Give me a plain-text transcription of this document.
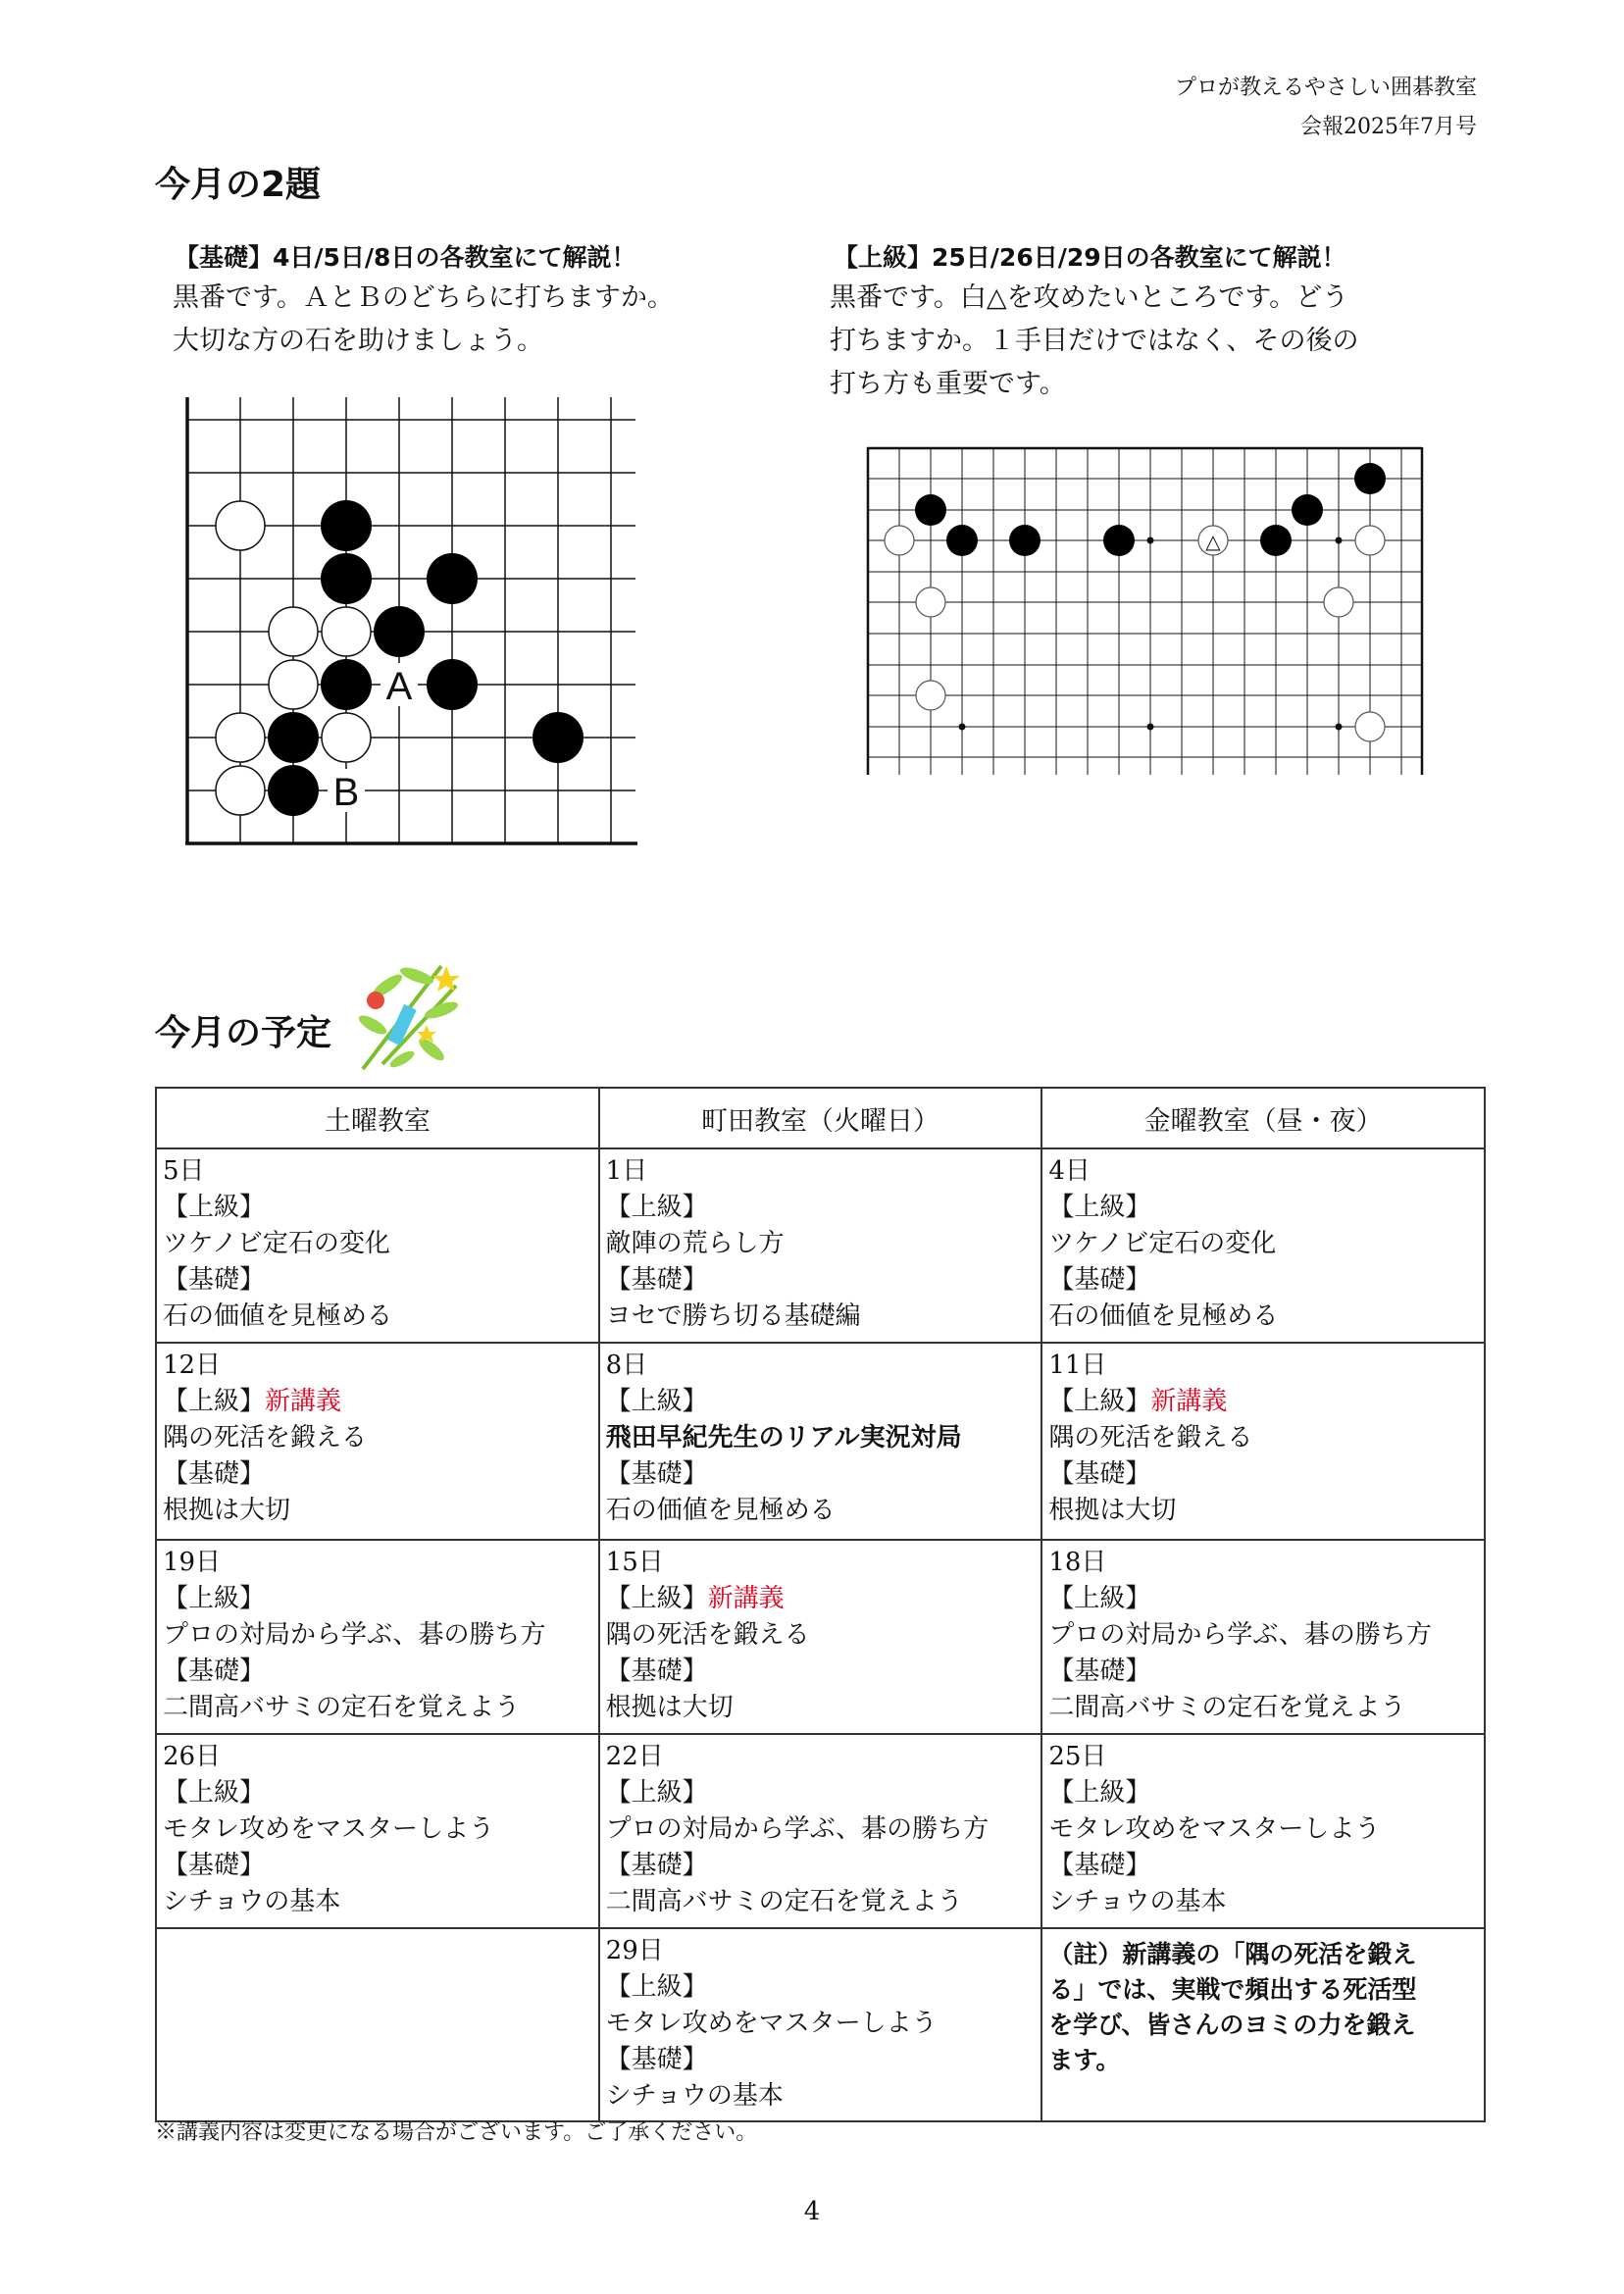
プロが教えるやさしい囲碁教室
会報2025年7月号
今月の2題
【基礎】4日/5日/8日の各教室にて解説！
黒番です。ＡとＢのどちらに打ちますか。
大切な方の石を助けましょう。
【上級】25日/26日/29日の各教室にて解説！
黒番です。白△を攻めたいところです。どう
打ちますか。１手目だけではなく、その後の
打ち方も重要です。
A
B
△
今月の予定
土曜教室	町田教室（火曜日）	金曜教室（昼・夜）

5日
【上級】
ツケノビ定石の変化
【基礎】
石の価値を見極める	1日
【上級】
敵陣の荒らし方
【基礎】
ヨセで勝ち切る基礎編	4日
【上級】
ツケノビ定石の変化
【基礎】
石の価値を見極める

12日
【上級】新講義
隅の死活を鍛える
【基礎】
根拠は大切	8日
【上級】
飛田早紀先生のリアル実況対局
【基礎】
石の価値を見極める	11日
【上級】新講義
隅の死活を鍛える
【基礎】
根拠は大切

19日
【上級】
プロの対局から学ぶ、碁の勝ち方
【基礎】
二間高バサミの定石を覚えよう	15日
【上級】新講義
隅の死活を鍛える
【基礎】
根拠は大切	18日
【上級】
プロの対局から学ぶ、碁の勝ち方
【基礎】
二間高バサミの定石を覚えよう

26日
【上級】
モタレ攻めをマスターしよう
【基礎】
シチョウの基本	22日
【上級】
プロの対局から学ぶ、碁の勝ち方
【基礎】
二間高バサミの定石を覚えよう	25日
【上級】
モタレ攻めをマスターしよう
【基礎】
シチョウの基本

	29日
【上級】
モタレ攻めをマスターしよう
【基礎】
シチョウの基本	（註）新講義の「隅の死活を鍛え
る」では、実戦で頻出する死活型
を学び、皆さんのヨミの力を鍛え
ます。
※講義内容は変更になる場合がございます。ご了承ください。
4
